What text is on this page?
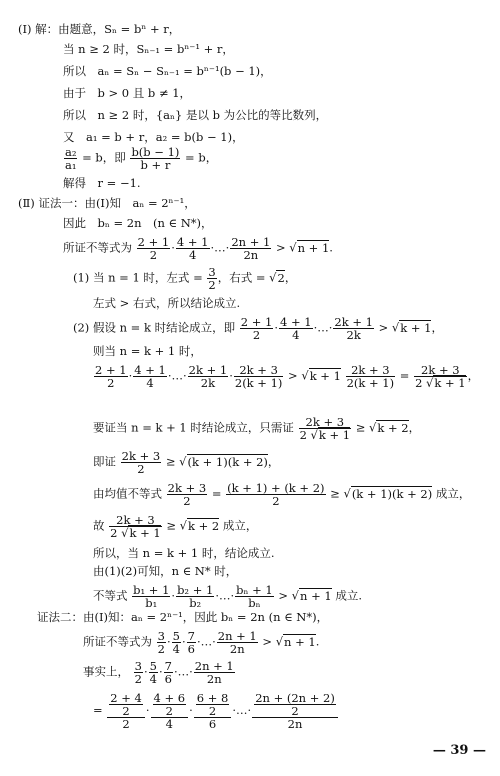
(Ⅰ) 解：由题意，Sₙ = bⁿ + r，
当 n ≥ 2 时，Sₙ₋₁ = bⁿ⁻¹ + r，
所以　aₙ = Sₙ − Sₙ₋₁ = bⁿ⁻¹(b − 1)，
由于　b > 0 且 b ≠ 1，
所以　n ≥ 2 时，{aₙ} 是以 b 为公比的等比数列，
又　a₁ = b + r，a₂ = b(b − 1)，
$\frac{\text{a₂}}{\text{a₁}} = b$，即 $\frac{b(b - 1)}{b + r} = b$，
解得　r = −1.
(Ⅱ) 证法一：由(Ⅰ)知　aₙ = 2ⁿ⁻¹，
因此　bₙ = 2n　(n ∈ N*)，
所证不等式为 $\frac{2 + 1}{2} \cdot \frac{4 + 1}{4}$ ·…· $\frac{2n + 1}{2n} > √n + 1$.
(1) 当 n = 1 时，左式 = $\frac{3}{2}$ ，右式 = √2，
左式 > 右式，所以结论成立.
(2) 假设 n = k 时结论成立，即 $\frac{2 + 1}{2} \cdot \frac{4 + 1}{4}$ ·…· $\frac{2k + 1}{2k} > √k + 1$，
则当 n = k + 1 时，
$\frac{2 + 1}{2} \cdot \frac{4 + 1}{4}$ ·…· $\frac{2k + 1}{2k} \cdot \frac{2k + 3}{2(k + 1)} > √k + 1 \frac{2k + 3}{2(k + 1)} = \frac{2k + 3}{2 √k + 1}$ ，
要证当 n = k + 1 时结论成立，只需证 $\frac{2k + 3}{2 √k + 1} \ge √k + 2$，
即证 $\frac{2k + 3}{2} \ge √(k + 1)(k + 2)$，
由均值不等式 $\frac{2k + 3}{2} = \frac{(k + 1) + (k + 2)}{2} \ge √(k + 1)(k + 2)$ 成立，
故 $\frac{2k + 3}{2 √k + 1} \ge √k + 2$ 成立，
所以，当 n = k + 1 时，结论成立.
由(1)(2)可知，n ∈ N* 时，
不等式 $\frac{\text{b₁ + 1}}{\text{b₁}} \cdot \frac{\text{b₂ + 1}}{\text{b₂}}$ ·…· $\frac{\text{bₙ + 1}}{\text{bₙ}} > √n + 1$ 成立.
证法二：由(Ⅰ)知：aₙ = 2ⁿ⁻¹，因此 bₙ = 2n (n ∈ N*)，
所证不等式为 $\frac{3}{2} \cdot \frac{5}{4} \cdot \frac{7}{6}$ ·…· $\frac{2n + 1}{2n} > √n + 1$.
事实上， $\frac{3}{2} \cdot \frac{5}{4} \cdot \frac{7}{6}$ ·…· $\frac{2n + 1}{2n}$
= $\frac{\frac{2 + 4}{2}}{2} \cdot \frac{\frac{4 + 6}{2}}{4} \cdot \frac{\frac{6 + 8}{2}}{6}$ ·…· $\frac{\frac{2n + (2n + 2)}{2}}{2n}$
— 39 —
